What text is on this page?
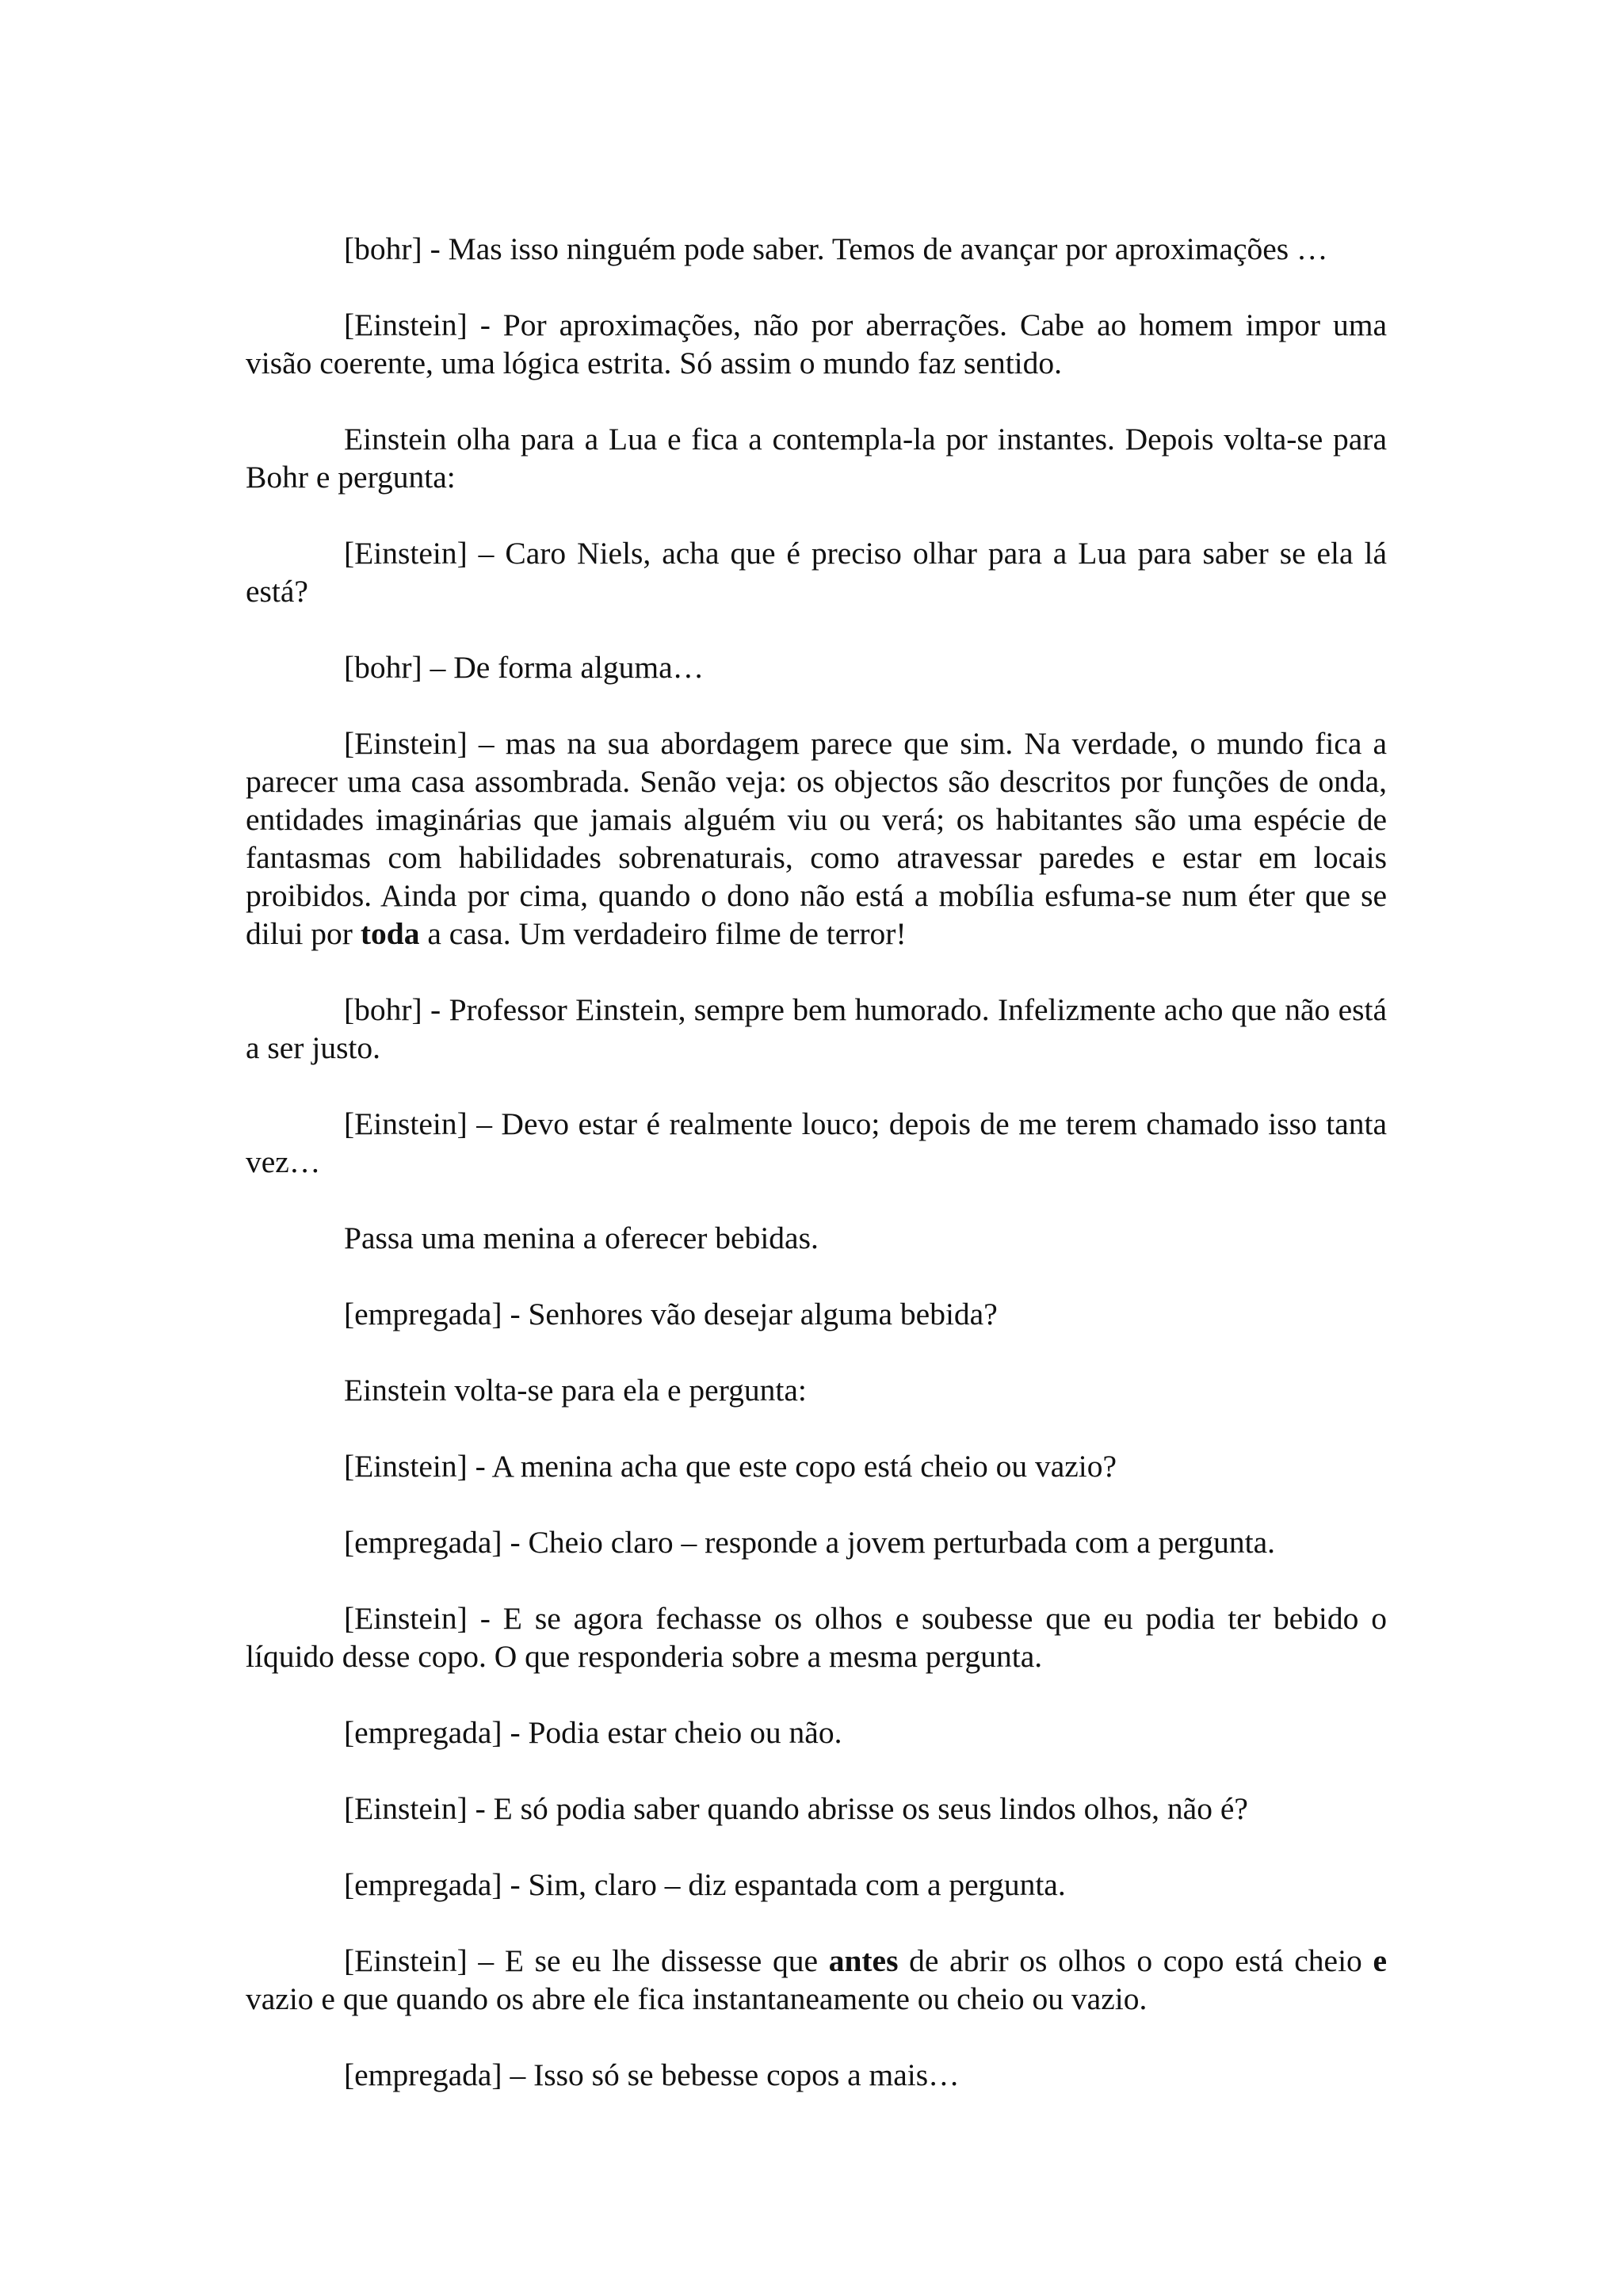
[bohr] - Mas isso ninguém pode saber. Temos de avançar por aproximações …

[Einstein] - Por aproximações, não por aberrações. Cabe ao homem impor uma visão coerente, uma lógica estrita. Só assim o mundo faz sentido.

Einstein olha para a Lua e fica a contempla-la por instantes. Depois volta-se para Bohr e pergunta:

[Einstein] – Caro Niels, acha que é preciso olhar para a Lua para saber se ela lá está?

[bohr] – De forma alguma…

[Einstein] – mas na sua abordagem parece que sim. Na verdade, o mundo fica a parecer uma casa assombrada. Senão veja: os objectos são descritos por funções de onda, entidades imaginárias que jamais alguém viu ou verá; os habitantes são uma espécie de fantasmas com habilidades sobrenaturais, como atravessar paredes e estar em locais proibidos. Ainda por cima, quando o dono não está a mobília esfuma-se num éter que se dilui por toda a casa. Um verdadeiro filme de terror!

[bohr] - Professor Einstein, sempre bem humorado. Infelizmente acho que não está a ser justo.

[Einstein] – Devo estar é realmente louco; depois de me terem chamado isso tanta vez…

Passa uma menina a oferecer bebidas.

[empregada] - Senhores vão desejar alguma bebida?

Einstein volta-se para ela e pergunta:

[Einstein] - A menina acha que este copo está cheio ou vazio?

[empregada] - Cheio claro – responde a jovem perturbada com a pergunta.

[Einstein] - E se agora fechasse os olhos e soubesse que eu podia ter bebido o líquido desse copo. O que responderia sobre a mesma pergunta.

[empregada] - Podia estar cheio ou não.

[Einstein] - E só podia saber quando abrisse os seus lindos olhos, não é?

[empregada] - Sim, claro – diz espantada com a pergunta.

[Einstein] – E se eu lhe dissesse que antes de abrir os olhos o copo está cheio e vazio e que quando os abre ele fica instantaneamente ou cheio ou vazio.

[empregada] – Isso só se bebesse copos a mais…
